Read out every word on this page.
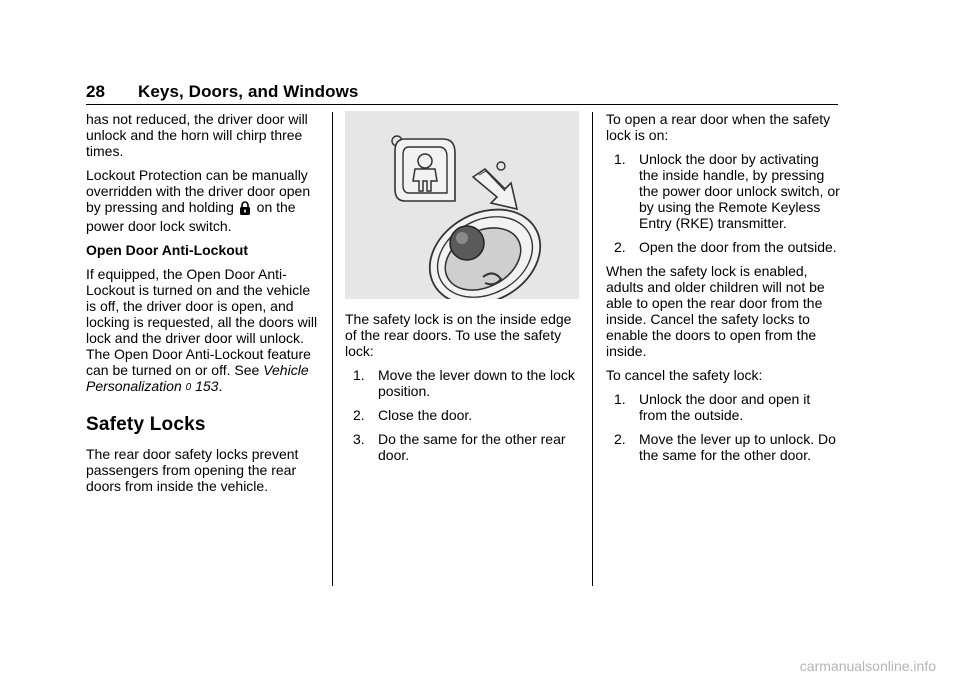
28 Keys, Doors, and Windows

has not reduced, the driver door will unlock and the horn will chirp three times.

Lockout Protection can be manually overridden with the driver door open by pressing and holding on the power door lock switch.

Open Door Anti-Lockout

If equipped, the Open Door Anti-Lockout is turned on and the vehicle is off, the driver door is open, and locking is requested, all the doors will lock and the driver door will unlock. The Open Door Anti-Lockout feature can be turned on or off. See Vehicle Personalization 0 153.

Safety Locks

The rear door safety locks prevent passengers from opening the rear doors from inside the vehicle.

The safety lock is on the inside edge of the rear doors. To use the safety lock:

1. Move the lever down to the lock position.
2. Close the door.
3. Do the same for the other rear door.

To open a rear door when the safety lock is on:

1. Unlock the door by activating the inside handle, by pressing the power door unlock switch, or by using the Remote Keyless Entry (RKE) transmitter.
2. Open the door from the outside.

When the safety lock is enabled, adults and older children will not be able to open the rear door from the inside. Cancel the safety locks to enable the doors to open from the inside.

To cancel the safety lock:

1. Unlock the door and open it from the outside.
2. Move the lever up to unlock. Do the same for the other door.
carmanualsonline.info
